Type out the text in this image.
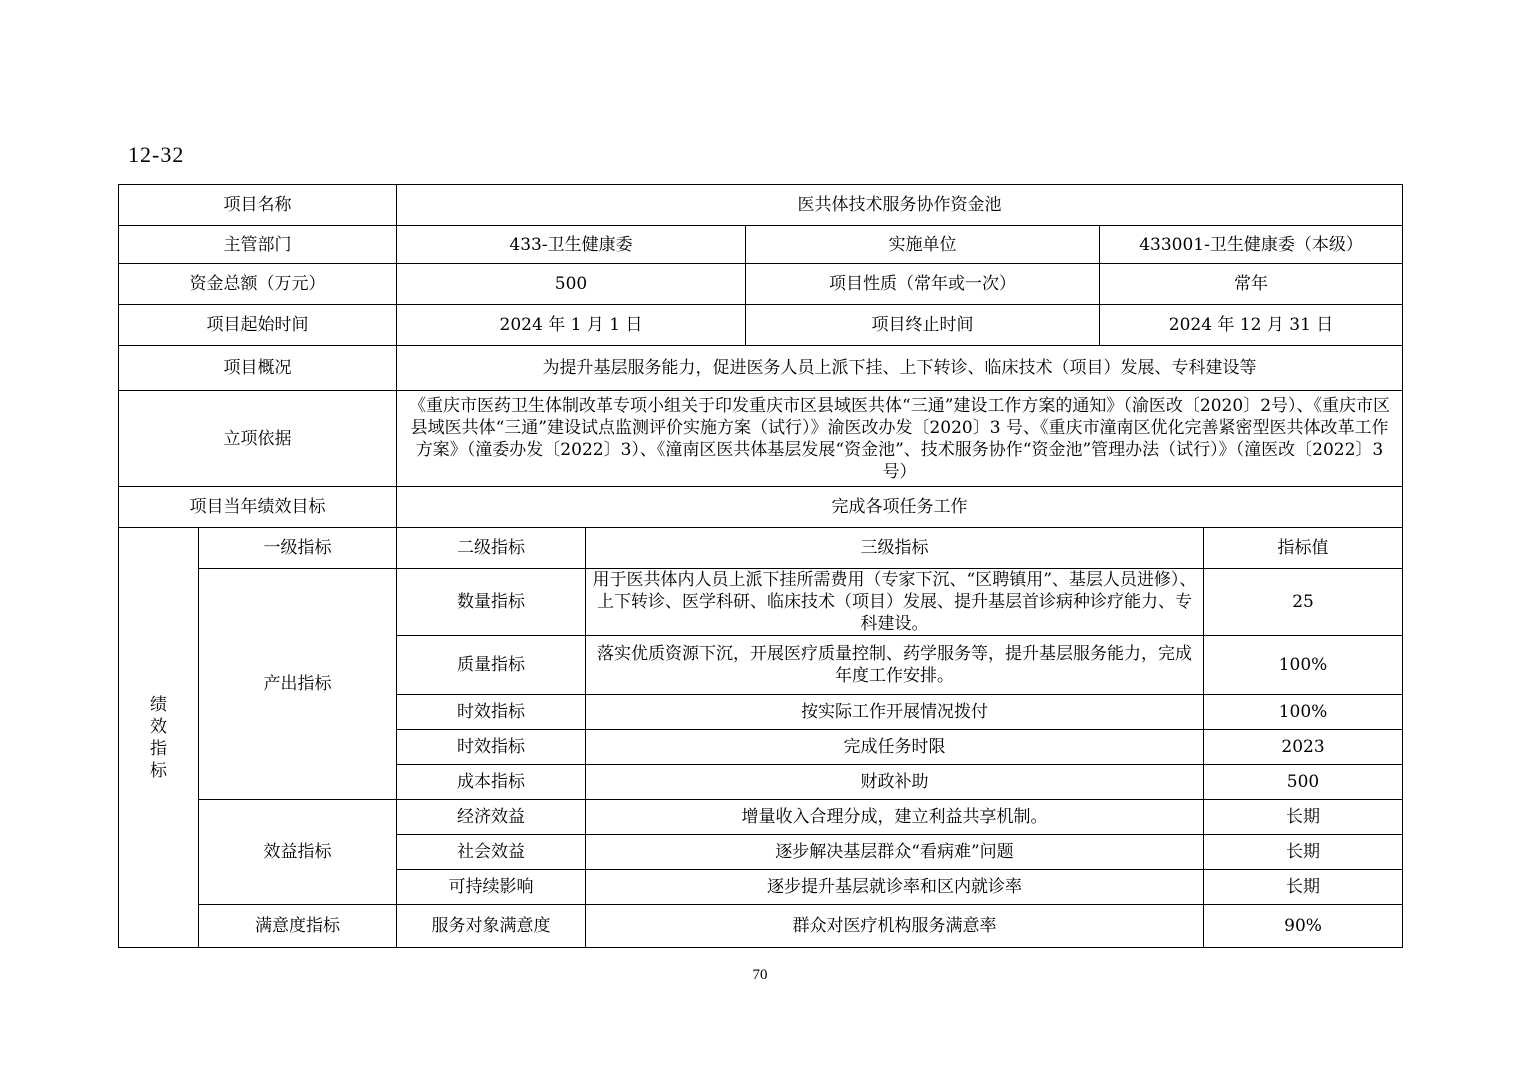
12-32
项目名称		医共体技术服务协作资金池				
主管部门		433-卫生健康委		实施单位	433001-卫生健康委（本级）	
资金总额（万元）		500		项目性质（常年或一次）	常年	
项目起始时间		2024 年 1 月 1 日		项目终止时间	2024 年 12 月 31 日	
项目概况		为提升基层服务能力，促进医务人员上派下挂、上下转诊、临床技术（项目）发展、专科建设等				
立项依据		《重庆市医药卫生体制改革专项小组关于印发重庆市区县域医共体“三通”建设工作方案的通知》（渝医改〔2020〕2号）、《重庆市区县域医共体“三通”建设试点监测评价实施方案（试行）》渝医改办发〔2020〕3 号、《重庆市潼南区优化完善紧密型医共体改革工作方案》（潼委办发〔2022〕3）、《潼南区医共体基层发展“资金池”、技术服务协作“资金池”管理办法（试行）》（潼医改〔2022〕3 号）				
项目当年绩效目标		完成各项任务工作				

绩
效
指
标	一级指标	二级指标	三级指标			指标值
	产出指标	数量指标	用于医共体内人员上派下挂所需费用（专家下沉、“区聘镇用”、基层人员进修）、上下转诊、医学科研、临床技术（项目）发展、提升基层首诊病种诊疗能力、专科建设。			25
		质量指标	落实优质资源下沉，开展医疗质量控制、药学服务等，提升基层服务能力，完成年度工作安排。			100%
		时效指标	按实际工作开展情况拨付			100%
		时效指标	完成任务时限			2023
		成本指标	财政补助			500
	效益指标	经济效益	增量收入合理分成，建立利益共享机制。			长期
		社会效益	逐步解决基层群众“看病难”问题			长期
		可持续影响	逐步提升基层就诊率和区内就诊率			长期
	满意度指标	服务对象满意度	群众对医疗机构服务满意率			90%
70
